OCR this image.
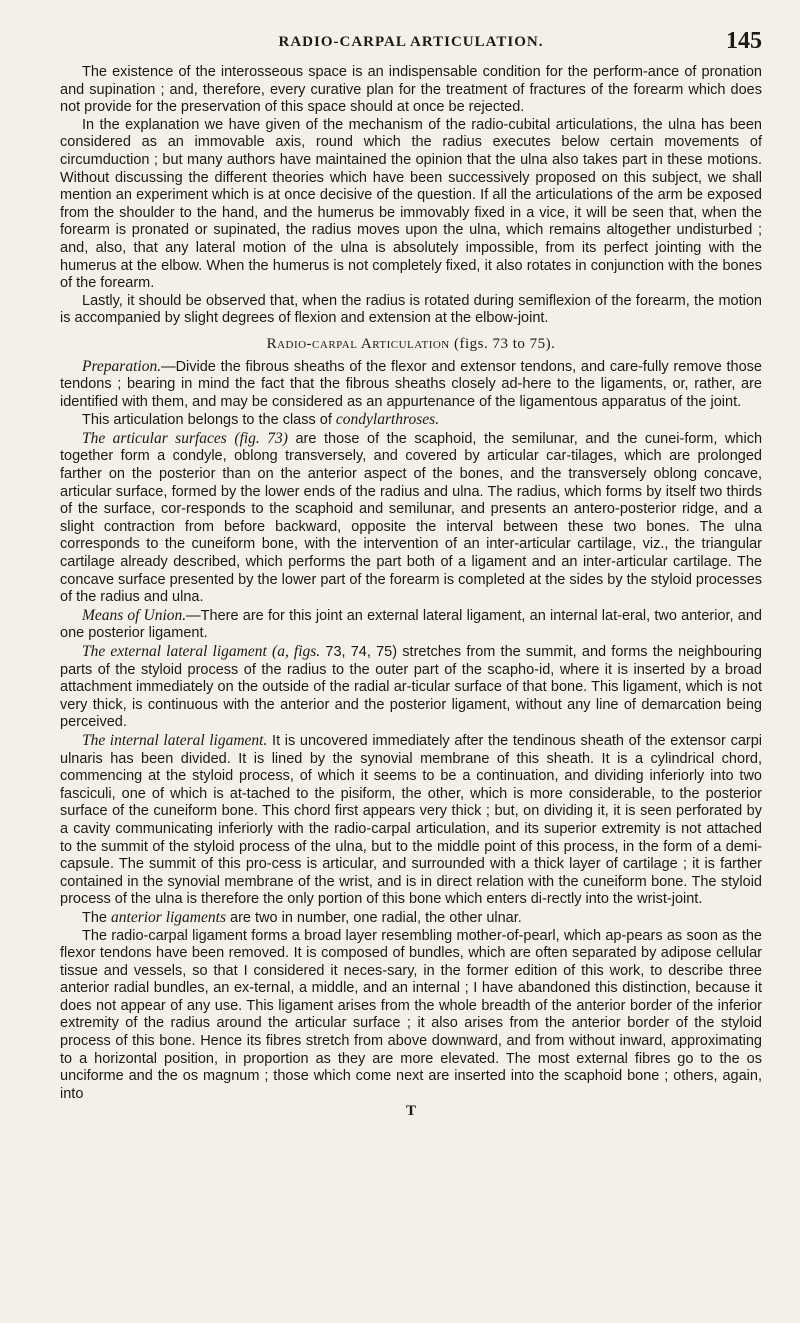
RADIO-CARPAL ARTICULATION.	145

The existence of the interosseous space is an indispensable condition for the perform-ance of pronation and supination ; and, therefore, every curative plan for the treatment of fractures of the forearm which does not provide for the preservation of this space should at once be rejected.

In the explanation we have given of the mechanism of the radio-cubital articulations, the ulna has been considered as an immovable axis, round which the radius executes below certain movements of circumduction ; but many authors have maintained the opinion that the ulna also takes part in these motions. Without discussing the different theories which have been successively proposed on this subject, we shall mention an experiment which is at once decisive of the question. If all the articulations of the arm be exposed from the shoulder to the hand, and the humerus be immovably fixed in a vice, it will be seen that, when the forearm is pronated or supinated, the radius moves upon the ulna, which remains altogether undisturbed ; and, also, that any lateral motion of the ulna is absolutely impossible, from its perfect jointing with the humerus at the elbow. When the humerus is not completely fixed, it also rotates in conjunction with the bones of the forearm.

Lastly, it should be observed that, when the radius is rotated during semiflexion of the forearm, the motion is accompanied by slight degrees of flexion and extension at the elbow-joint.

Radio-carpal Articulation (figs. 73 to 75).

Preparation.—Divide the fibrous sheaths of the flexor and extensor tendons, and care-fully remove those tendons ; bearing in mind the fact that the fibrous sheaths closely ad-here to the ligaments, or, rather, are identified with them, and may be considered as an appurtenance of the ligamentous apparatus of the joint.

This articulation belongs to the class of condylarthroses.

The articular surfaces (fig. 73) are those of the scaphoid, the semilunar, and the cunei-form, which together form a condyle, oblong transversely, and covered by articular car-tilages, which are prolonged farther on the posterior than on the anterior aspect of the bones, and the transversely oblong concave, articular surface, formed by the lower ends of the radius and ulna. The radius, which forms by itself two thirds of the surface, cor-responds to the scaphoid and semilunar, and presents an antero-posterior ridge, and a slight contraction from before backward, opposite the interval between these two bones. The ulna corresponds to the cuneiform bone, with the intervention of an inter-articular cartilage, viz., the triangular cartilage already described, which performs the part both of a ligament and an inter-articular cartilage. The concave surface presented by the lower part of the forearm is completed at the sides by the styloid processes of the radius and ulna.

Means of Union.—There are for this joint an external lateral ligament, an internal lat-eral, two anterior, and one posterior ligament.

The external lateral ligament (a, figs. 73, 74, 75) stretches from the summit, and forms the neighbouring parts of the styloid process of the radius to the outer part of the scapho-id, where it is inserted by a broad attachment immediately on the outside of the radial ar-ticular surface of that bone. This ligament, which is not very thick, is continuous with the anterior and the posterior ligament, without any line of demarcation being perceived.

The internal lateral ligament. It is uncovered immediately after the tendinous sheath of the extensor carpi ulnaris has been divided. It is lined by the synovial membrane of this sheath. It is a cylindrical chord, commencing at the styloid process, of which it seems to be a continuation, and dividing inferiorly into two fasciculi, one of which is at-tached to the pisiform, the other, which is more considerable, to the posterior surface of the cuneiform bone. This chord first appears very thick ; but, on dividing it, it is seen perforated by a cavity communicating inferiorly with the radio-carpal articulation, and its superior extremity is not attached to the summit of the styloid process of the ulna, but to the middle point of this process, in the form of a demi-capsule. The summit of this pro-cess is articular, and surrounded with a thick layer of cartilage ; it is farther contained in the synovial membrane of the wrist, and is in direct relation with the cuneiform bone. The styloid process of the ulna is therefore the only portion of this bone which enters di-rectly into the wrist-joint.

The anterior ligaments are two in number, one radial, the other ulnar.

The radio-carpal ligament forms a broad layer resembling mother-of-pearl, which ap-pears as soon as the flexor tendons have been removed. It is composed of bundles, which are often separated by adipose cellular tissue and vessels, so that I considered it neces-sary, in the former edition of this work, to describe three anterior radial bundles, an ex-ternal, a middle, and an internal ; I have abandoned this distinction, because it does not appear of any use. This ligament arises from the whole breadth of the anterior border of the inferior extremity of the radius around the articular surface ; it also arises from the anterior border of the styloid process of this bone. Hence its fibres stretch from above downward, and from without inward, approximating to a horizontal position, in proportion as they are more elevated. The most external fibres go to the os unciforme and the os magnum ; those which come next are inserted into the scaphoid bone ; others, again, into

T
